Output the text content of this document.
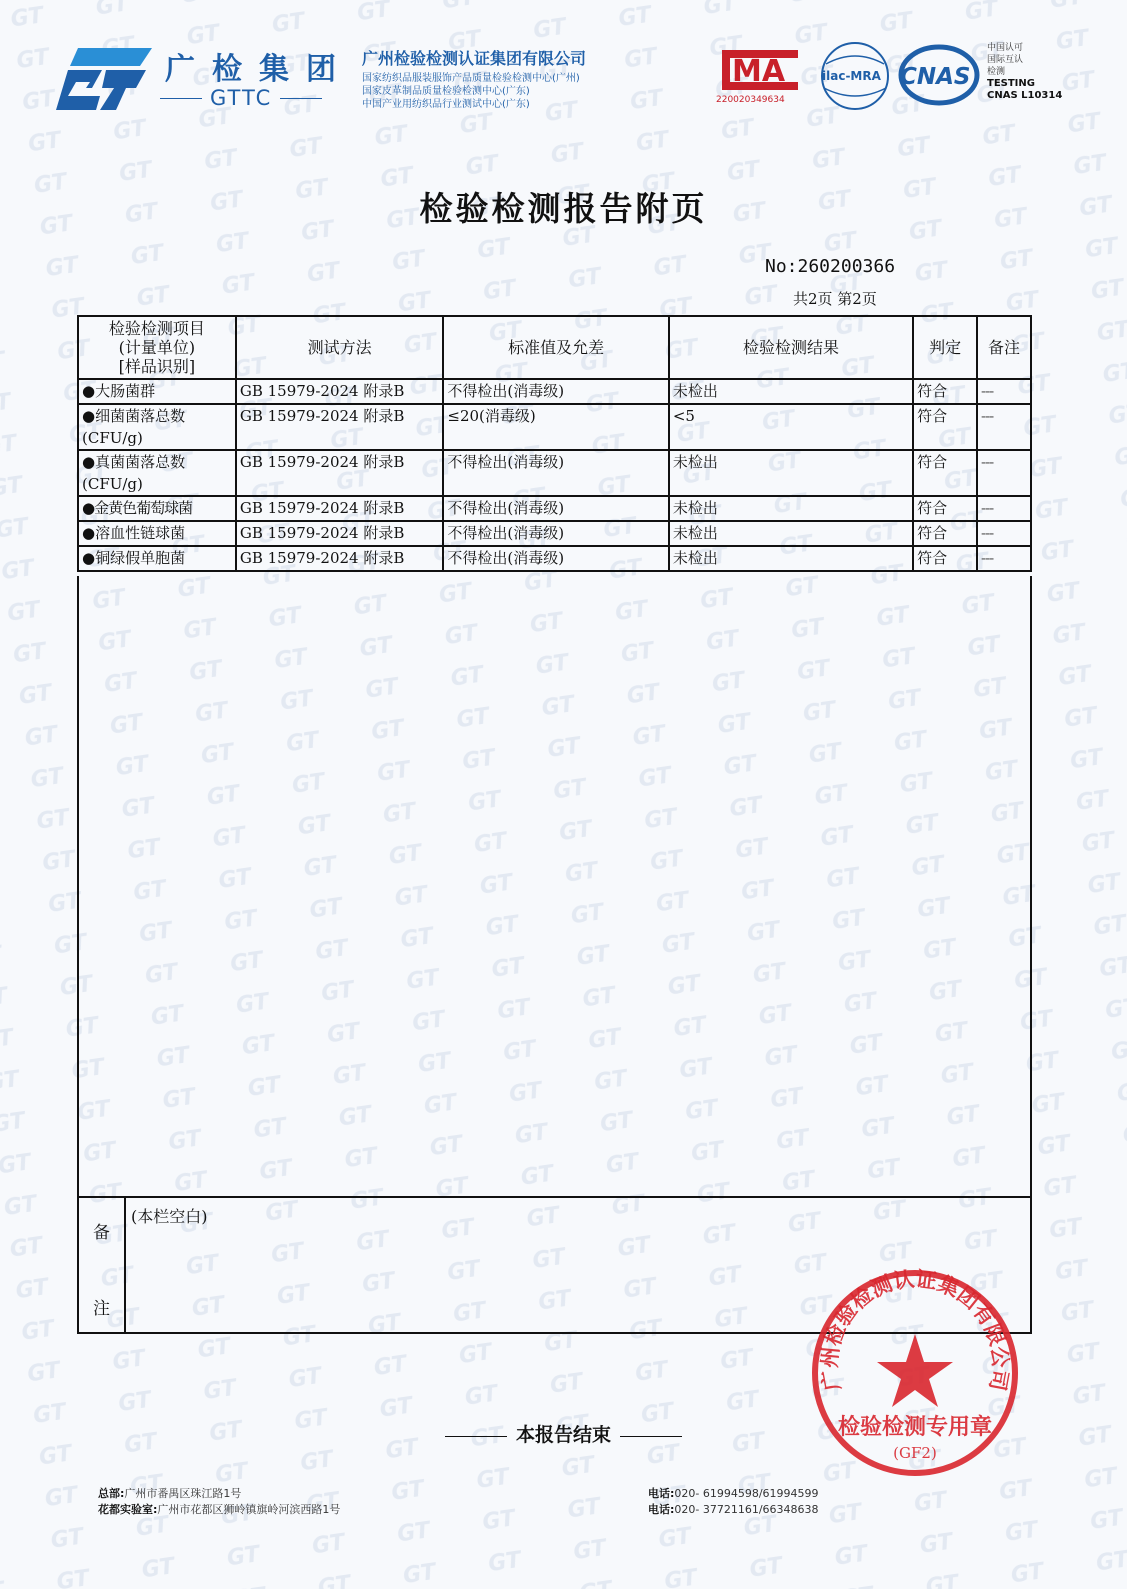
广检集团
GTTC
广州检验检测认证集团有限公司
国家纺织品服装服饰产品质量检验检测中心(广州)
国家皮革制品质量检验检测中心(广东)
中国产业用纺织品行业测试中心(广东)
MA
220020349634
ilac-MRA CNAS
中国认可
国际互认
检测
TESTING
CNAS L10314
检验检测报告附页
No:260200366
共2页 第2页
检验检测项目
(计量单位)
[样品识别]	测试方法	标准值及允差	检验检测结果	判定	备注
●大肠菌群	GB 15979-2024 附录B	不得检出(消毒级)	未检出	符合	---

●细菌菌落总数
(CFU/g)	GB 15979-2024 附录B	≤20(消毒级)	<5	符合	---

●真菌菌落总数
(CFU/g)	GB 15979-2024 附录B	不得检出(消毒级)	未检出	符合	---
●金黄色葡萄球菌	GB 15979-2024 附录B	不得检出(消毒级)	未检出	符合	---
●溶血性链球菌	GB 15979-2024 附录B	不得检出(消毒级)	未检出	符合	---
●铜绿假单胞菌	GB 15979-2024 附录B	不得检出(消毒级)	未检出	符合	---
备
注
(本栏空白)
本报告结束
总部:广州市番禺区珠江路1号
花都实验室:广州市花都区狮岭镇旗岭河滨西路1号
电话:020- 61994598/61994599
电话:020- 37721161/66348638
广州检验检测认证集团有限公司
检验检测专用章
(GF2)
